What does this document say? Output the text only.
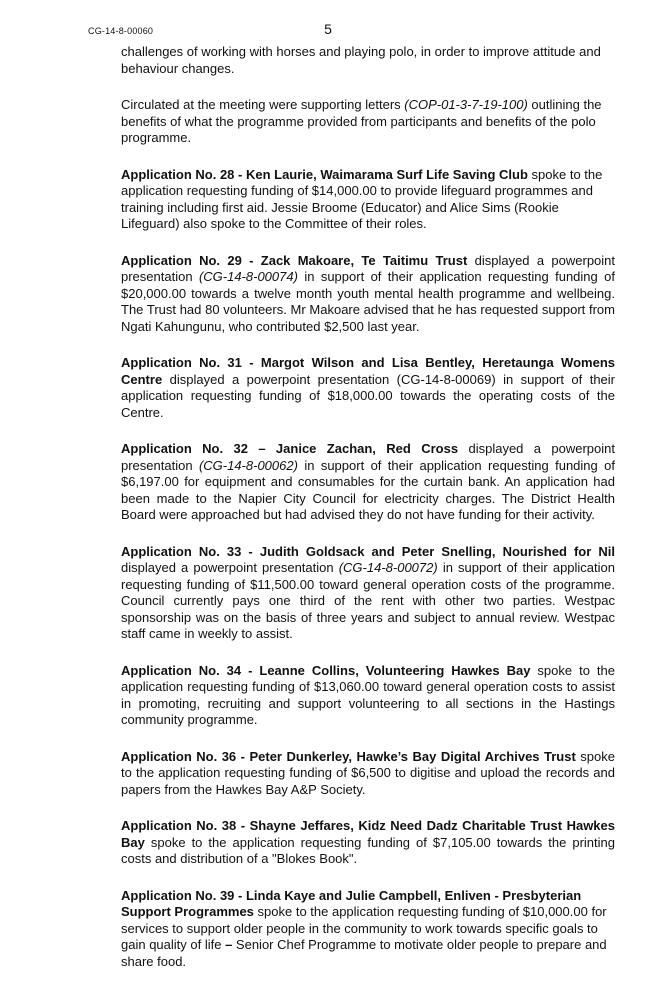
CG-14-8-00060	5

challenges of working with horses and playing polo, in order to improve attitude and behaviour changes.

Circulated at the meeting were supporting letters (COP-01-3-7-19-100) outlining the benefits of what the programme provided from participants and benefits of the polo programme.

Application No. 28 - Ken Laurie, Waimarama Surf Life Saving Club spoke to the application requesting funding of $14,000.00 to provide lifeguard programmes and training including first aid. Jessie Broome (Educator) and Alice Sims (Rookie Lifeguard) also spoke to the Committee of their roles.

Application No. 29 - Zack Makoare, Te Taitimu Trust displayed a powerpoint presentation (CG-14-8-00074) in support of their application requesting funding of $20,000.00 towards a twelve month youth mental health programme and wellbeing. The Trust had 80 volunteers. Mr Makoare advised that he has requested support from Ngati Kahungunu, who contributed $2,500 last year.

Application No. 31 - Margot Wilson and Lisa Bentley, Heretaunga Womens Centre displayed a powerpoint presentation (CG-14-8-00069) in support of their application requesting funding of $18,000.00 towards the operating costs of the Centre.

Application No. 32 – Janice Zachan, Red Cross displayed a powerpoint presentation (CG-14-8-00062) in support of their application requesting funding of $6,197.00 for equipment and consumables for the curtain bank. An application had been made to the Napier City Council for electricity charges. The District Health Board were approached but had advised they do not have funding for their activity.

Application No. 33 - Judith Goldsack and Peter Snelling, Nourished for Nil displayed a powerpoint presentation (CG-14-8-00072) in support of their application requesting funding of $11,500.00 toward general operation costs of the programme. Council currently pays one third of the rent with other two parties. Westpac sponsorship was on the basis of three years and subject to annual review. Westpac staff came in weekly to assist.

Application No. 34 - Leanne Collins, Volunteering Hawkes Bay spoke to the application requesting funding of $13,060.00 toward general operation costs to assist in promoting, recruiting and support volunteering to all sections in the Hastings community programme.

Application No. 36 - Peter Dunkerley, Hawke’s Bay Digital Archives Trust spoke to the application requesting funding of $6,500 to digitise and upload the records and papers from the Hawkes Bay A&P Society.

Application No. 38 - Shayne Jeffares, Kidz Need Dadz Charitable Trust Hawkes Bay spoke to the application requesting funding of $7,105.00 towards the printing costs and distribution of a "Blokes Book".

Application No. 39 - Linda Kaye and Julie Campbell, Enliven - Presbyterian Support Programmes spoke to the application requesting funding of $10,000.00 for services to support older people in the community to work towards specific goals to gain quality of life – Senior Chef Programme to motivate older people to prepare and share food.
